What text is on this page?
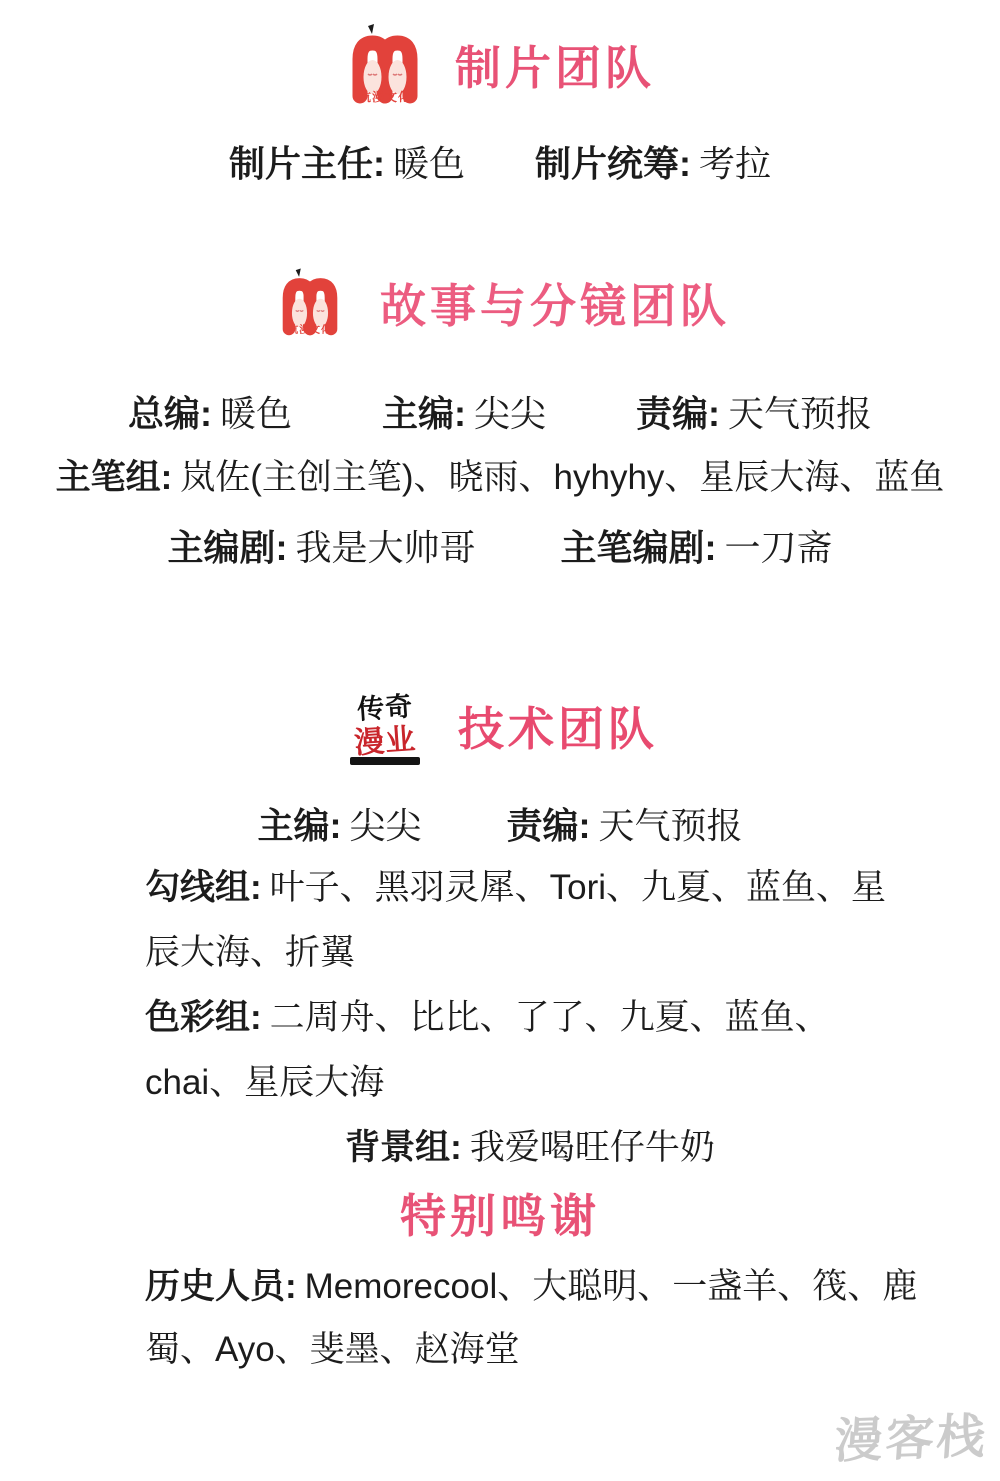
杭漫文化
制片团队
制片主任: 暖色 制片统筹: 考拉
杭漫文化 故事与分镜团队
总编: 暖色	主编: 尖尖	责编: 天气预报
主笔组: 岚佐(主创主笔)、晓雨、hyhyhy、星辰大海、蓝鱼
主编剧: 我是大帅哥 主笔编剧: 一刀斋
传奇
漫业 技术团队
主编: 尖尖 责编: 天气预报
勾线组: 叶子、黑羽灵犀、Tori、九夏、蓝鱼、星辰大海、折翼
色彩组: 二周舟、比比、了了、九夏、蓝鱼、chai、星辰大海
背景组: 我爱喝旺仔牛奶
特别鸣谢
历史人员: Memorecool、大聪明、一盏羊、筏、鹿蜀、Ayo、斐墨、赵海堂
漫客栈
